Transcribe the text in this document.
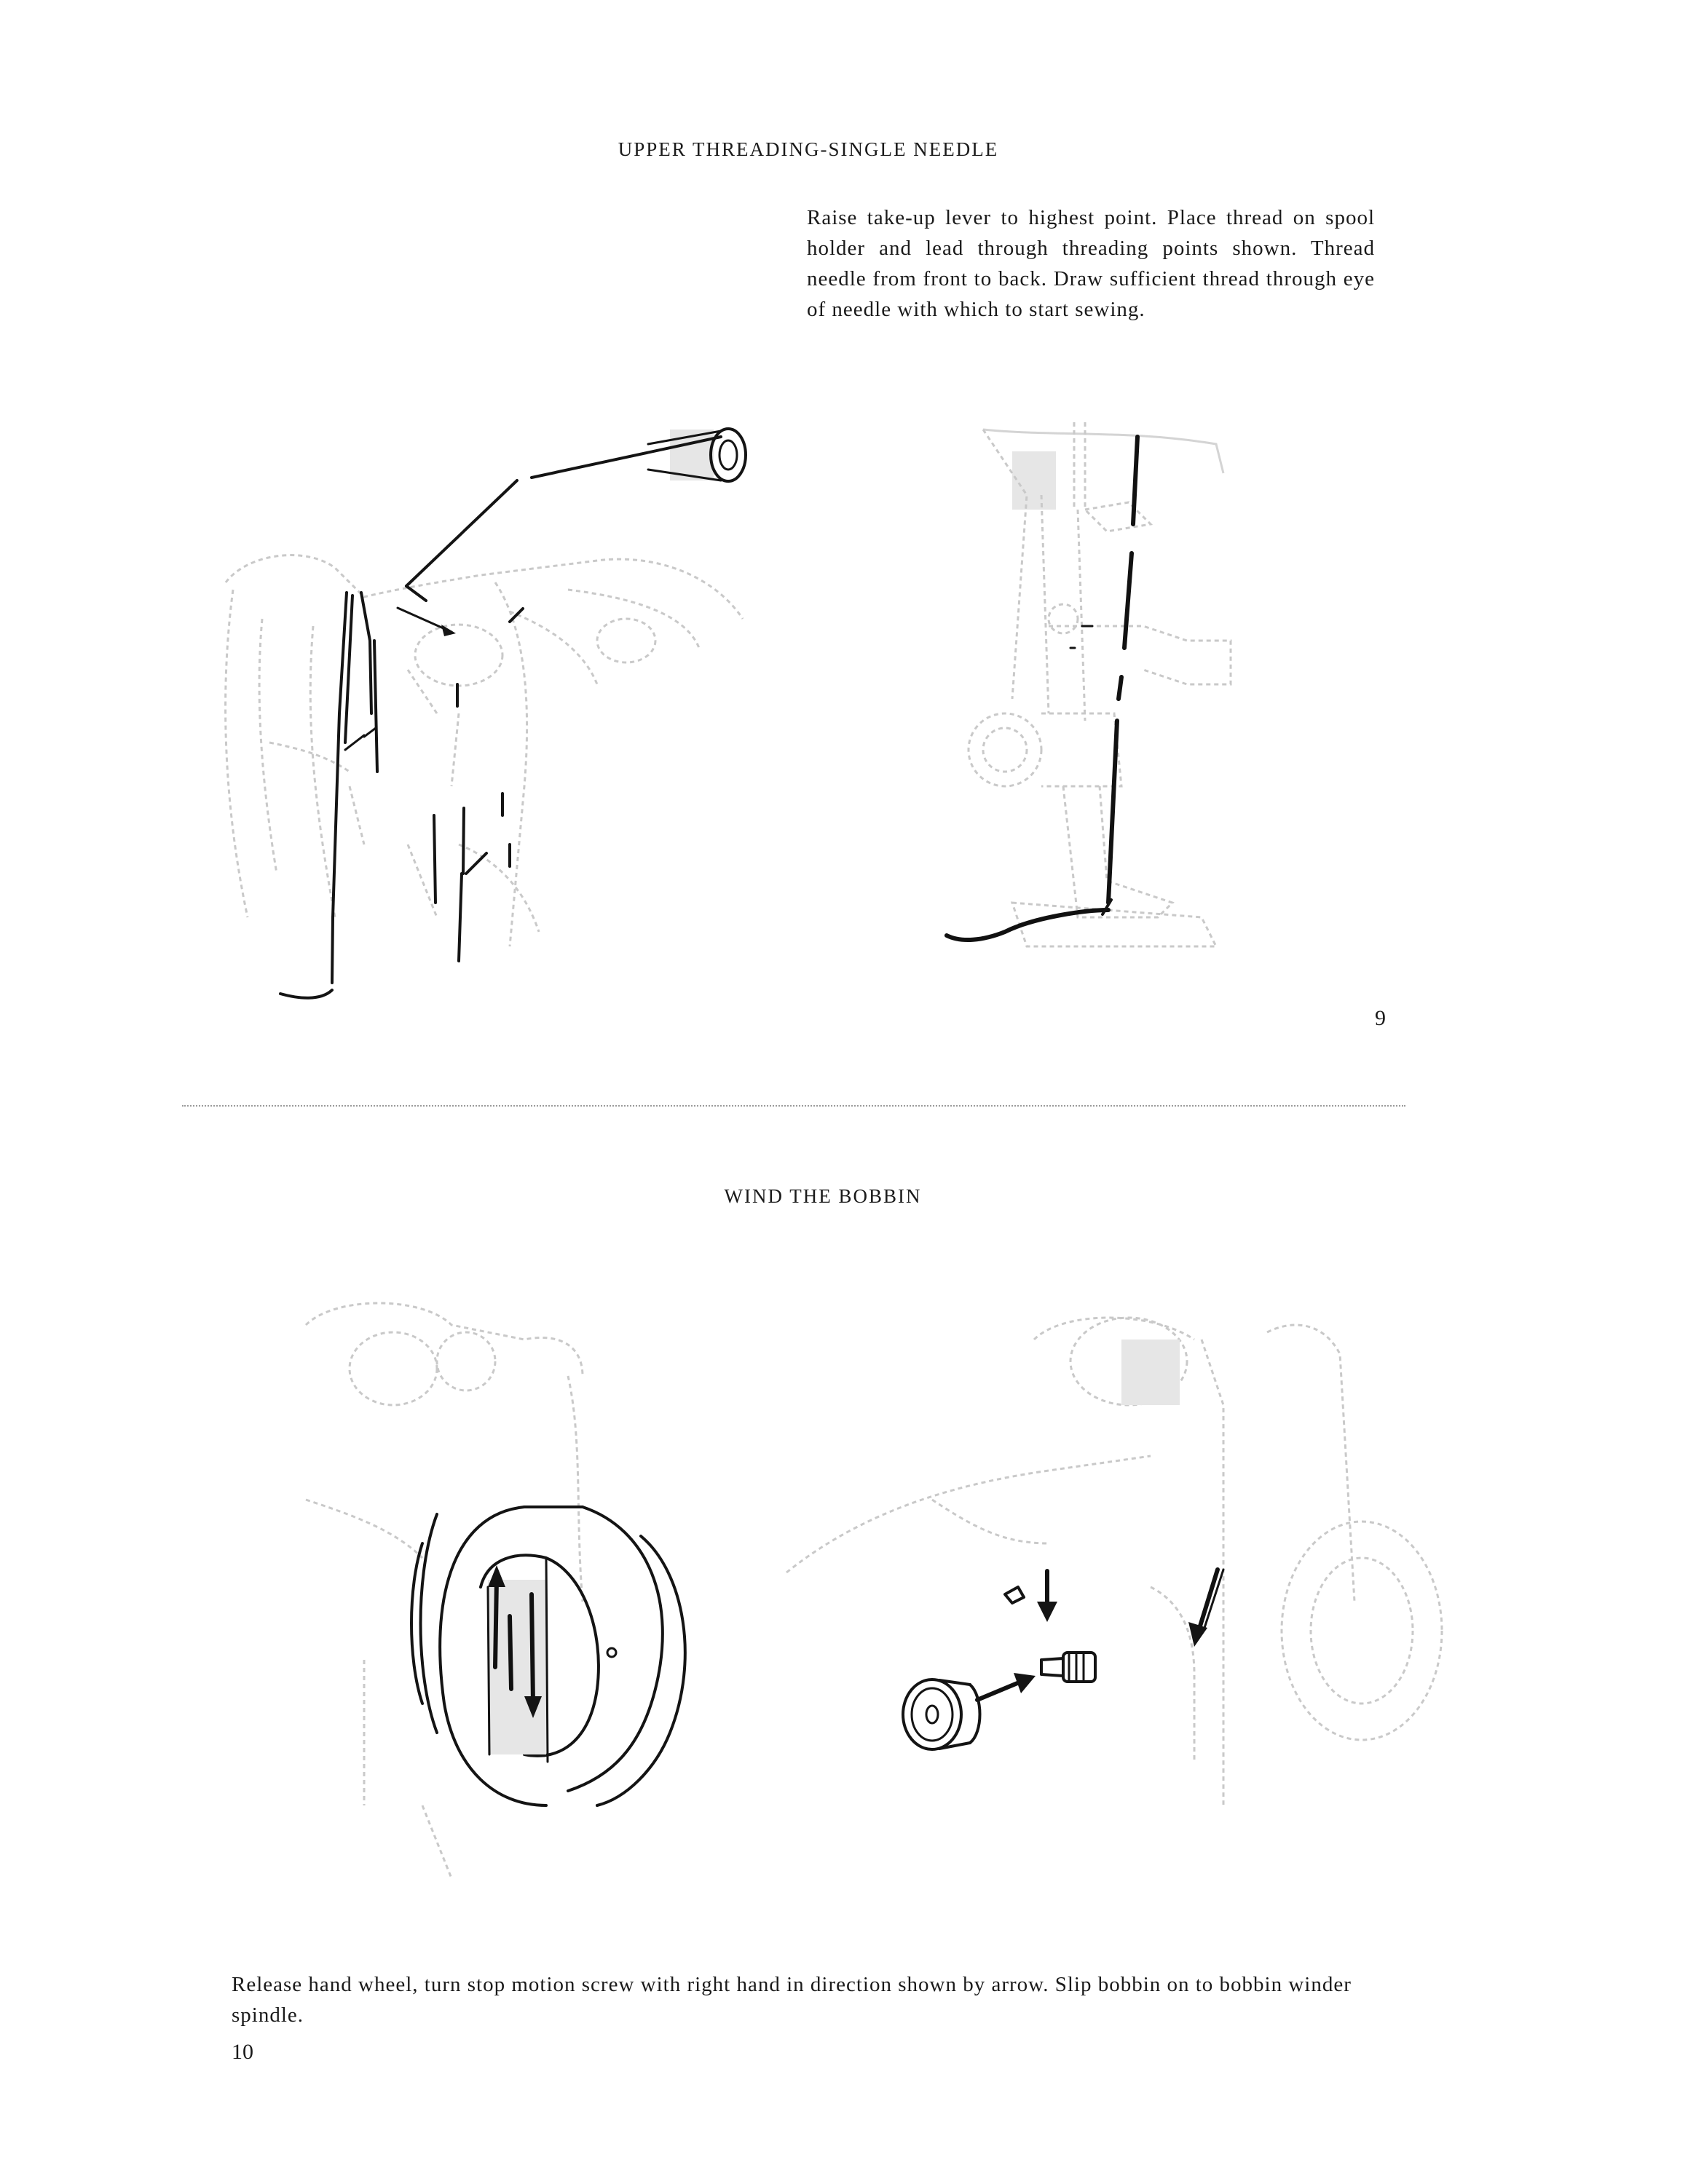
UPPER THREADING-SINGLE NEEDLE
Raise take-up lever to highest point. Place thread on spool holder and lead through threading points shown. Thread needle from front to back. Draw sufficient thread through eye of needle with which to start sewing.
9
WIND THE BOBBIN
Release hand wheel, turn stop motion screw with right hand in direction shown by arrow. Slip bobbin on to bobbin winder spindle.
10
